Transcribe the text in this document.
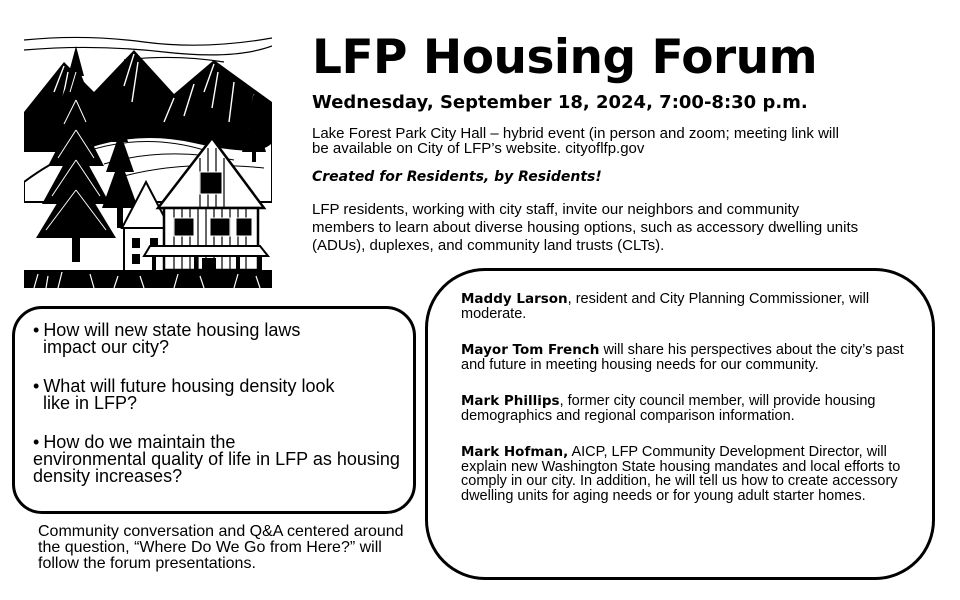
LFP Housing Forum

Wednesday, September 18, 2024, 7:00-8:30 p.m.

Lake Forest Park City Hall – hybrid event (in person and zoom; meeting link will be available on City of LFP’s website. cityoflfp.gov

Created for Residents, by Residents!

LFP residents, working with city staff, invite our neighbors and community members to learn about diverse housing options, such as accessory dwelling units (ADUs), duplexes, and community land trusts (CLTs).

• How will new state housing laws
impact our city?
• What will future housing density look
like in LFP?
• How do we maintain the
environmental quality of life in LFP as housing density increases?

Community conversation and Q&A centered around the question, “Where Do We Go from Here?” will follow the forum presentations.

Maddy Larson, resident and City Planning Commissioner, will moderate.
Mayor Tom French will share his perspectives about the city’s past and future in meeting housing needs for our community.
Mark Phillips, former city council member, will provide housing demographics and regional comparison information.
Mark Hofman, AICP, LFP Community Development Director, will explain new Washington State housing mandates and local efforts to comply in our city. In addition, he will tell us how to create accessory dwelling units for aging needs or for young adult starter homes.
